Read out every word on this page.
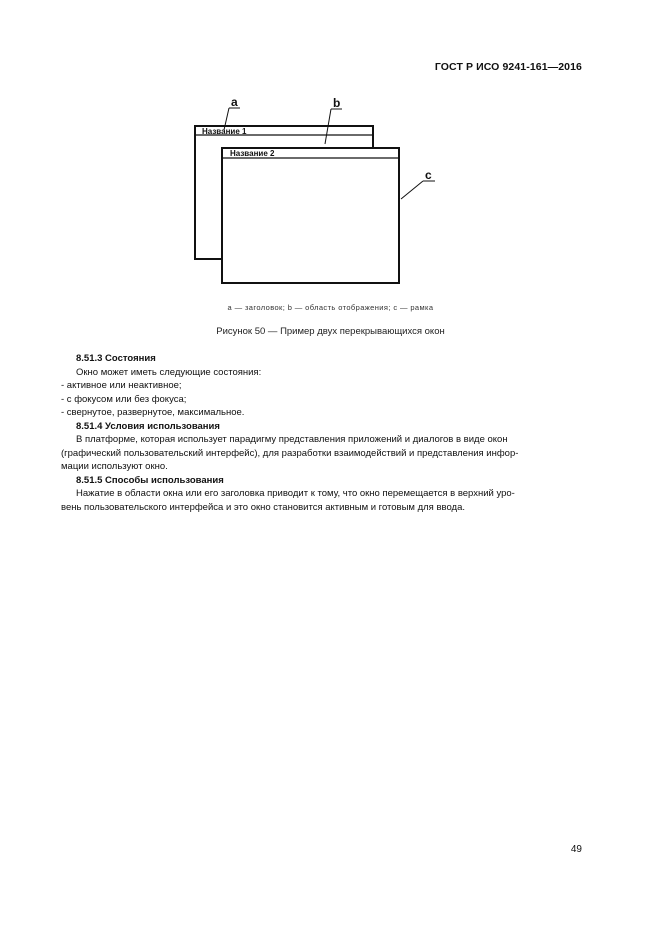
ГОСТ Р ИСО 9241-161—2016
Название 1
Название 2
a	b
c
a — заголовок; b — область отображения; c — рамка
Рисунок 50 — Пример двух перекрывающихся окон
8.51.3 Состояния
Окно может иметь следующие состояния:
- активное или неактивное;
- с фокусом или без фокуса;
- свернутое, развернутое, максимальное.
8.51.4 Условия использования
В платформе, которая использует парадигму представления приложений и диалогов в виде окон
(графический пользовательский интерфейс), для разработки взаимодействий и представления инфор-
мации используют окно.
8.51.5 Способы использования
Нажатие в области окна или его заголовка приводит к тому, что окно перемещается в верхний уро-
вень пользовательского интерфейса и это окно становится активным и готовым для ввода.
49
